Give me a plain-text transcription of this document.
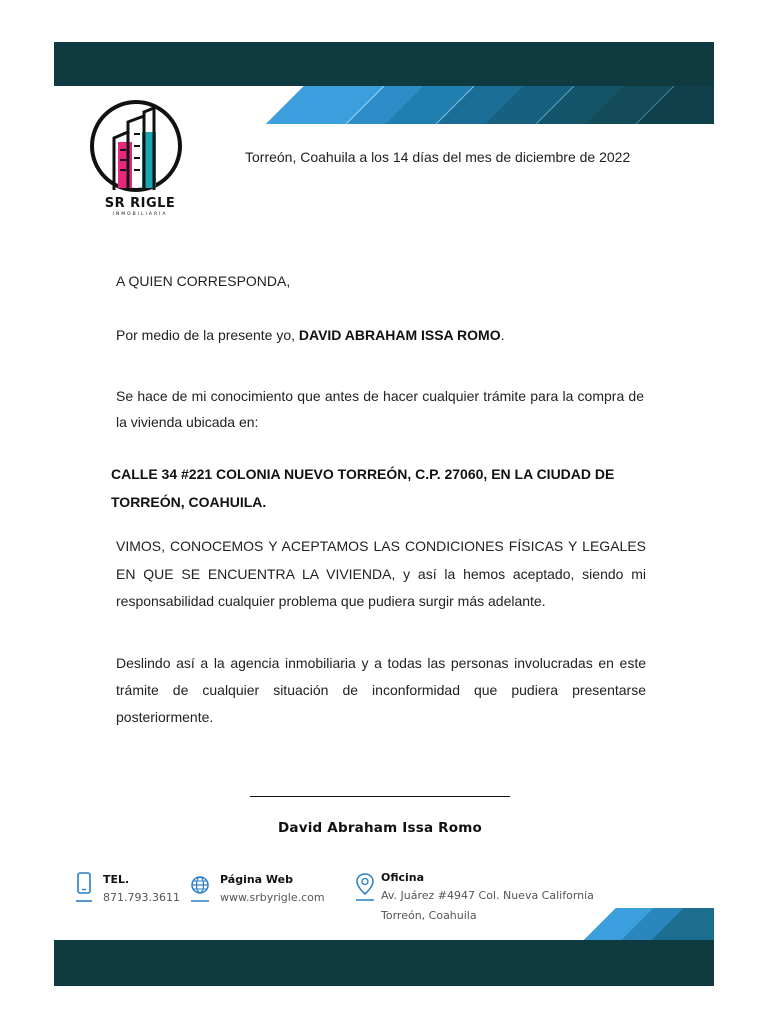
SR RIGLE
INMOBILIARIA
Torreón, Coahuila a los 14 días del mes de diciembre de 2022
A QUIEN CORRESPONDA,
Por medio de la presente yo, DAVID ABRAHAM ISSA ROMO.
Se hace de mi conocimiento que antes de hacer cualquier trámite para la compra de la vivienda ubicada en:
CALLE 34 #221 COLONIA NUEVO TORREÓN, C.P. 27060, EN LA CIUDAD DE TORREÓN, COAHUILA.
VIMOS, CONOCEMOS Y ACEPTAMOS LAS CONDICIONES FÍSICAS Y LEGALES EN QUE SE ENCUENTRA LA VIVIENDA, y así la hemos aceptado, siendo mi responsabilidad cualquier problema que pudiera surgir más adelante.
Deslindo así a la agencia inmobiliaria y a todas las personas involucradas en este trámite de cualquier situación de inconformidad que pudiera presentarse posteriormente.
David Abraham Issa Romo
TEL.
871.793.3611
Página Web
www.srbyrigle.com
Oficina
Av. Juárez #4947 Col. Nueva California
Torreón, Coahuila
